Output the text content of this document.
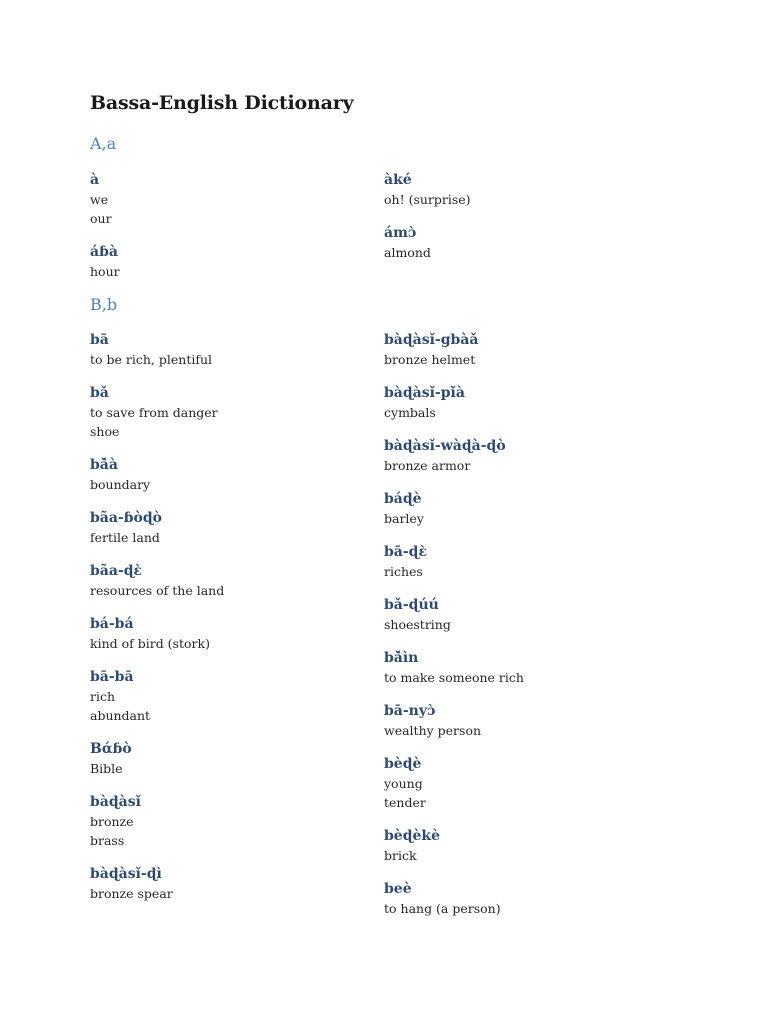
Bassa-English Dictionary
A,a
B,b
à
we
our
áɓà
hour
àké
oh! (surprise)
ámɔ̀
almond
bā
to be rich, plentiful
bǎ
to save from danger
shoe
bǎ̀à
boundary
bãa-ɓòɖò
fertile land
bãa-ɖɛ̀
resources of the land
bá-bá
kind of bird (stork)
bā-bā
rich
abundant
Bάɓò
Bible
bàɖàsǐ
bronze
brass
bàɖàsǐ-ɖì
bronze spear
bàɖàsǐ-gbàǎ
bronze helmet
bàɖàsǐ-pǐ̀à
cymbals
bàɖàsǐ-wàɖà-ɖò
bronze armor
báɖè
barley
bā-ɖɛ̀
riches
bǎ-ɖúú
shoestring
bǎ̀ìn
to make someone rich
bā-nyɔ̀
wealthy person
bèɖè
young
tender
bèɖèkè
brick
beè
to hang (a person)
